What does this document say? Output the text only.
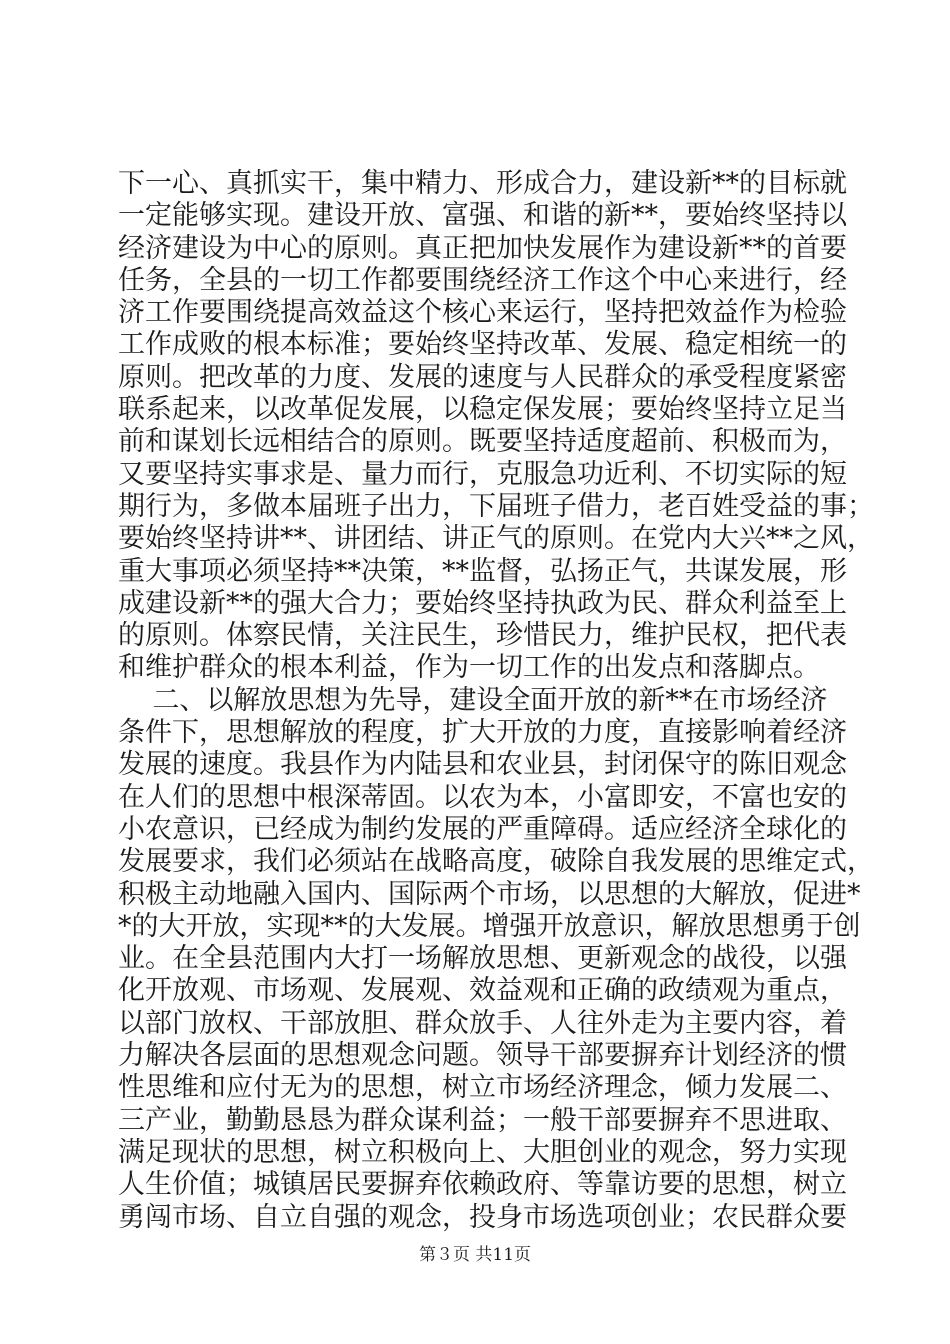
下一心、真抓实干，集中精力、形成合力，建设新**的目标就
一定能够实现。建设开放、富强、和谐的新**，要始终坚持以
经济建设为中心的原则。真正把加快发展作为建设新**的首要
任务，全县的一切工作都要围绕经济工作这个中心来进行，经
济工作要围绕提高效益这个核心来运行，坚持把效益作为检验
工作成败的根本标准；要始终坚持改革、发展、稳定相统一的
原则。把改革的力度、发展的速度与人民群众的承受程度紧密
联系起来，以改革促发展，以稳定保发展；要始终坚持立足当
前和谋划长远相结合的原则。既要坚持适度超前、积极而为，
又要坚持实事求是、量力而行，克服急功近利、不切实际的短
期行为，多做本届班子出力，下届班子借力，老百姓受益的事；
要始终坚持讲**、讲团结、讲正气的原则。在党内大兴**之风，
重大事项必须坚持**决策，**监督，弘扬正气，共谋发展，形
成建设新**的强大合力；要始终坚持执政为民、群众利益至上
的原则。体察民情，关注民生，珍惜民力，维护民权，把代表
和维护群众的根本利益，作为一切工作的出发点和落脚点。
二、以解放思想为先导，建设全面开放的新**在市场经济
条件下，思想解放的程度，扩大开放的力度，直接影响着经济
发展的速度。我县作为内陆县和农业县，封闭保守的陈旧观念
在人们的思想中根深蒂固。以农为本，小富即安，不富也安的
小农意识，已经成为制约发展的严重障碍。适应经济全球化的
发展要求，我们必须站在战略高度，破除自我发展的思维定式，
积极主动地融入国内、国际两个市场，以思想的大解放，促进*
*的大开放，实现**的大发展。增强开放意识，解放思想勇于创
业。在全县范围内大打一场解放思想、更新观念的战役，以强
化开放观、市场观、发展观、效益观和正确的政绩观为重点，
以部门放权、干部放胆、群众放手、人往外走为主要内容，着
力解决各层面的思想观念问题。领导干部要摒弃计划经济的惯
性思维和应付无为的思想，树立市场经济理念，倾力发展二、
三产业，勤勤恳恳为群众谋利益；一般干部要摒弃不思进取、
满足现状的思想，树立积极向上、大胆创业的观念，努力实现
人生价值；城镇居民要摒弃依赖政府、等靠访要的思想，树立
勇闯市场、自立自强的观念，投身市场选项创业；农民群众要
第３页 共11页
